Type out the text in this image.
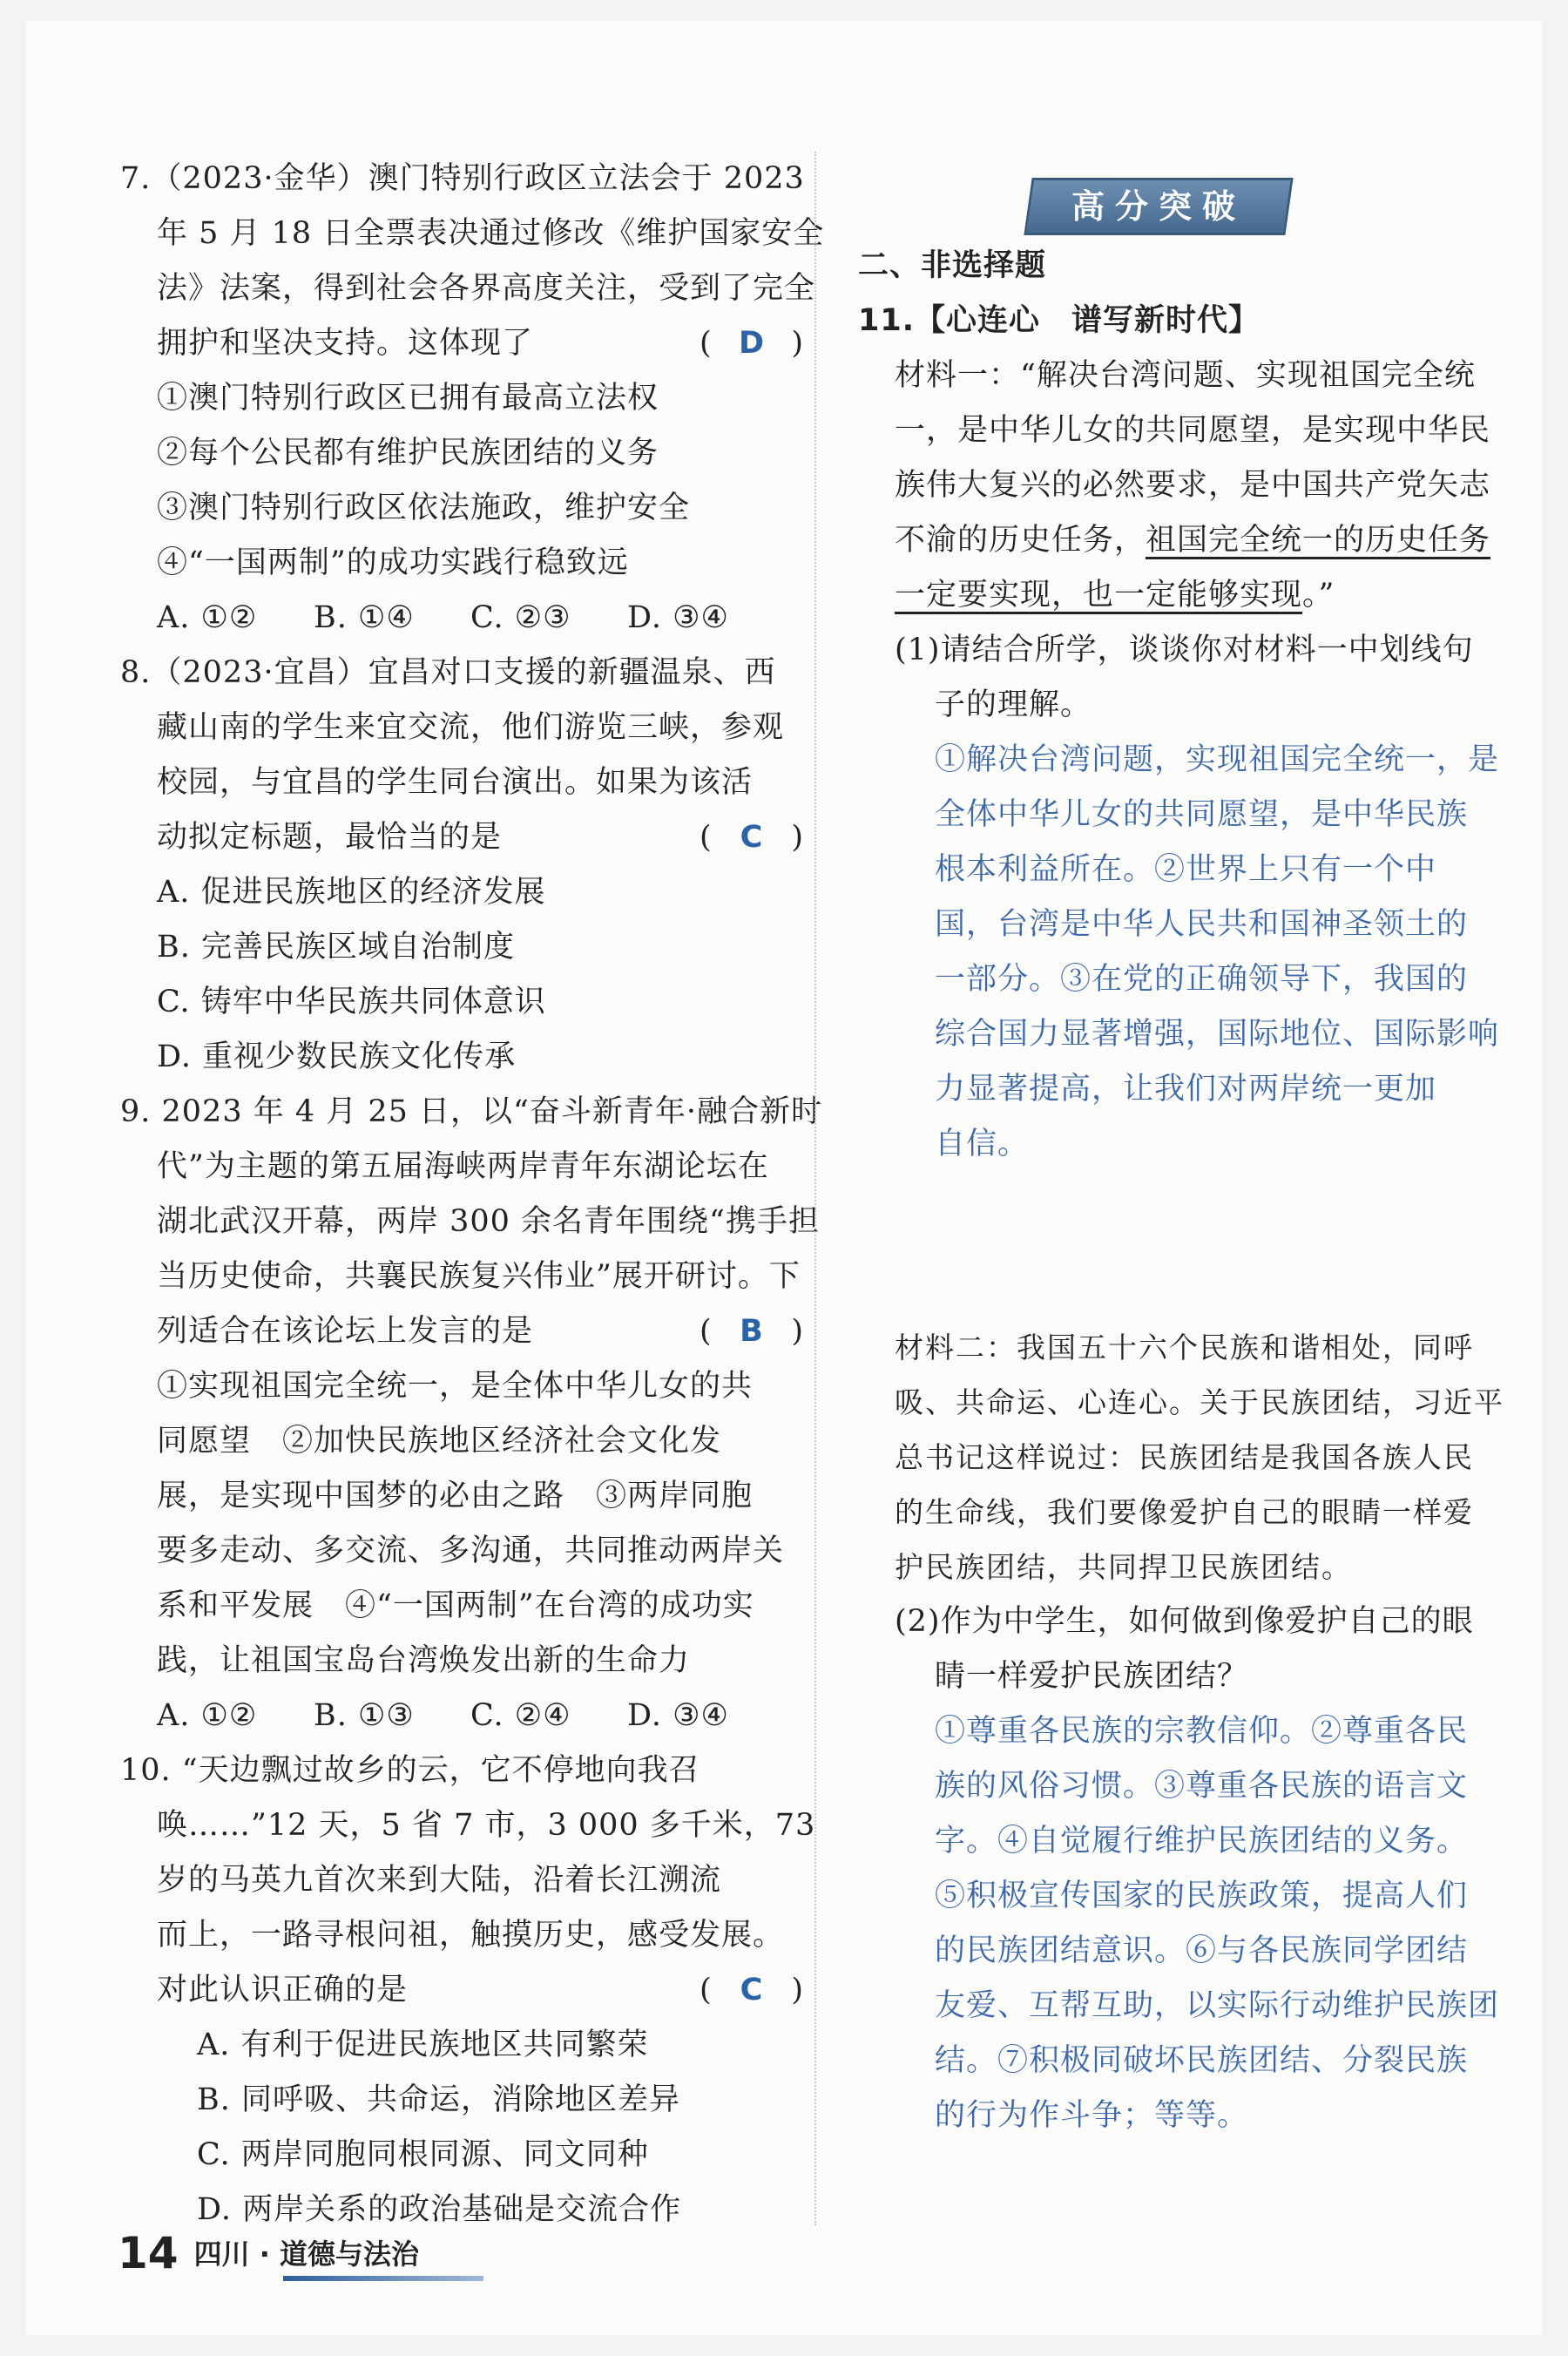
7.（2023·金华）澳门特别行政区立法会于 2023
年 5 月 18 日全票表决通过修改《维护国家安全
法》法案，得到社会各界高度关注，受到了完全
拥护和坚决支持。这体现了	( D )
①澳门特别行政区已拥有最高立法权
②每个公民都有维护民族团结的义务
③澳门特别行政区依法施政，维护安全
④“一国两制”的成功实践行稳致远
A. ①②	B. ①④	C. ②③	D. ③④
8.（2023·宜昌）宜昌对口支援的新疆温泉、西
藏山南的学生来宜交流，他们游览三峡，参观
校园，与宜昌的学生同台演出。如果为该活
动拟定标题，最恰当的是	( C )
A. 促进民族地区的经济发展
B. 完善民族区域自治制度
C. 铸牢中华民族共同体意识
D. 重视少数民族文化传承
9. 2023 年 4 月 25 日，以“奋斗新青年·融合新时
代”为主题的第五届海峡两岸青年东湖论坛在
湖北武汉开幕，两岸 300 余名青年围绕“携手担
当历史使命，共襄民族复兴伟业”展开研讨。下
列适合在该论坛上发言的是	( B )
①实现祖国完全统一，是全体中华儿女的共
同愿望　②加快民族地区经济社会文化发
展，是实现中国梦的必由之路　③两岸同胞
要多走动、多交流、多沟通，共同推动两岸关
系和平发展　④“一国两制”在台湾的成功实
践，让祖国宝岛台湾焕发出新的生命力
A. ①②	B. ①③	C. ②④	D. ③④
10. “天边飘过故乡的云，它不停地向我召
唤……”12 天，5 省 7 市，3 000 多千米，73
岁的马英九首次来到大陆，沿着长江溯流
而上，一路寻根问祖，触摸历史，感受发展。
对此认识正确的是	( C )
A. 有利于促进民族地区共同繁荣
B. 同呼吸、共命运，消除地区差异
C. 两岸同胞同根同源、同文同种
D. 两岸关系的政治基础是交流合作
高分突破
二、非选择题
11.【心连心　谱写新时代】
材料一：“解决台湾问题、实现祖国完全统
一，是中华儿女的共同愿望，是实现中华民
族伟大复兴的必然要求，是中国共产党矢志
不渝的历史任务，祖国完全统一的历史任务
一定要实现，也一定能够实现。”
(1)请结合所学，谈谈你对材料一中划线句
子的理解。
①解决台湾问题，实现祖国完全统一，是
全体中华儿女的共同愿望，是中华民族
根本利益所在。②世界上只有一个中
国，台湾是中华人民共和国神圣领土的
一部分。③在党的正确领导下，我国的
综合国力显著增强，国际地位、国际影响
力显著提高，让我们对两岸统一更加
自信。
材料二：我国五十六个民族和谐相处，同呼
吸、共命运、心连心。关于民族团结，习近平
总书记这样说过：民族团结是我国各族人民
的生命线，我们要像爱护自己的眼睛一样爱
护民族团结，共同捍卫民族团结。
(2)作为中学生，如何做到像爱护自己的眼
睛一样爱护民族团结？
①尊重各民族的宗教信仰。②尊重各民
族的风俗习惯。③尊重各民族的语言文
字。④自觉履行维护民族团结的义务。
⑤积极宣传国家的民族政策，提高人们
的民族团结意识。⑥与各民族同学团结
友爱、互帮互助，以实际行动维护民族团
结。⑦积极同破坏民族团结、分裂民族
的行为作斗争；等等。
14 四川 · 道德与法治
